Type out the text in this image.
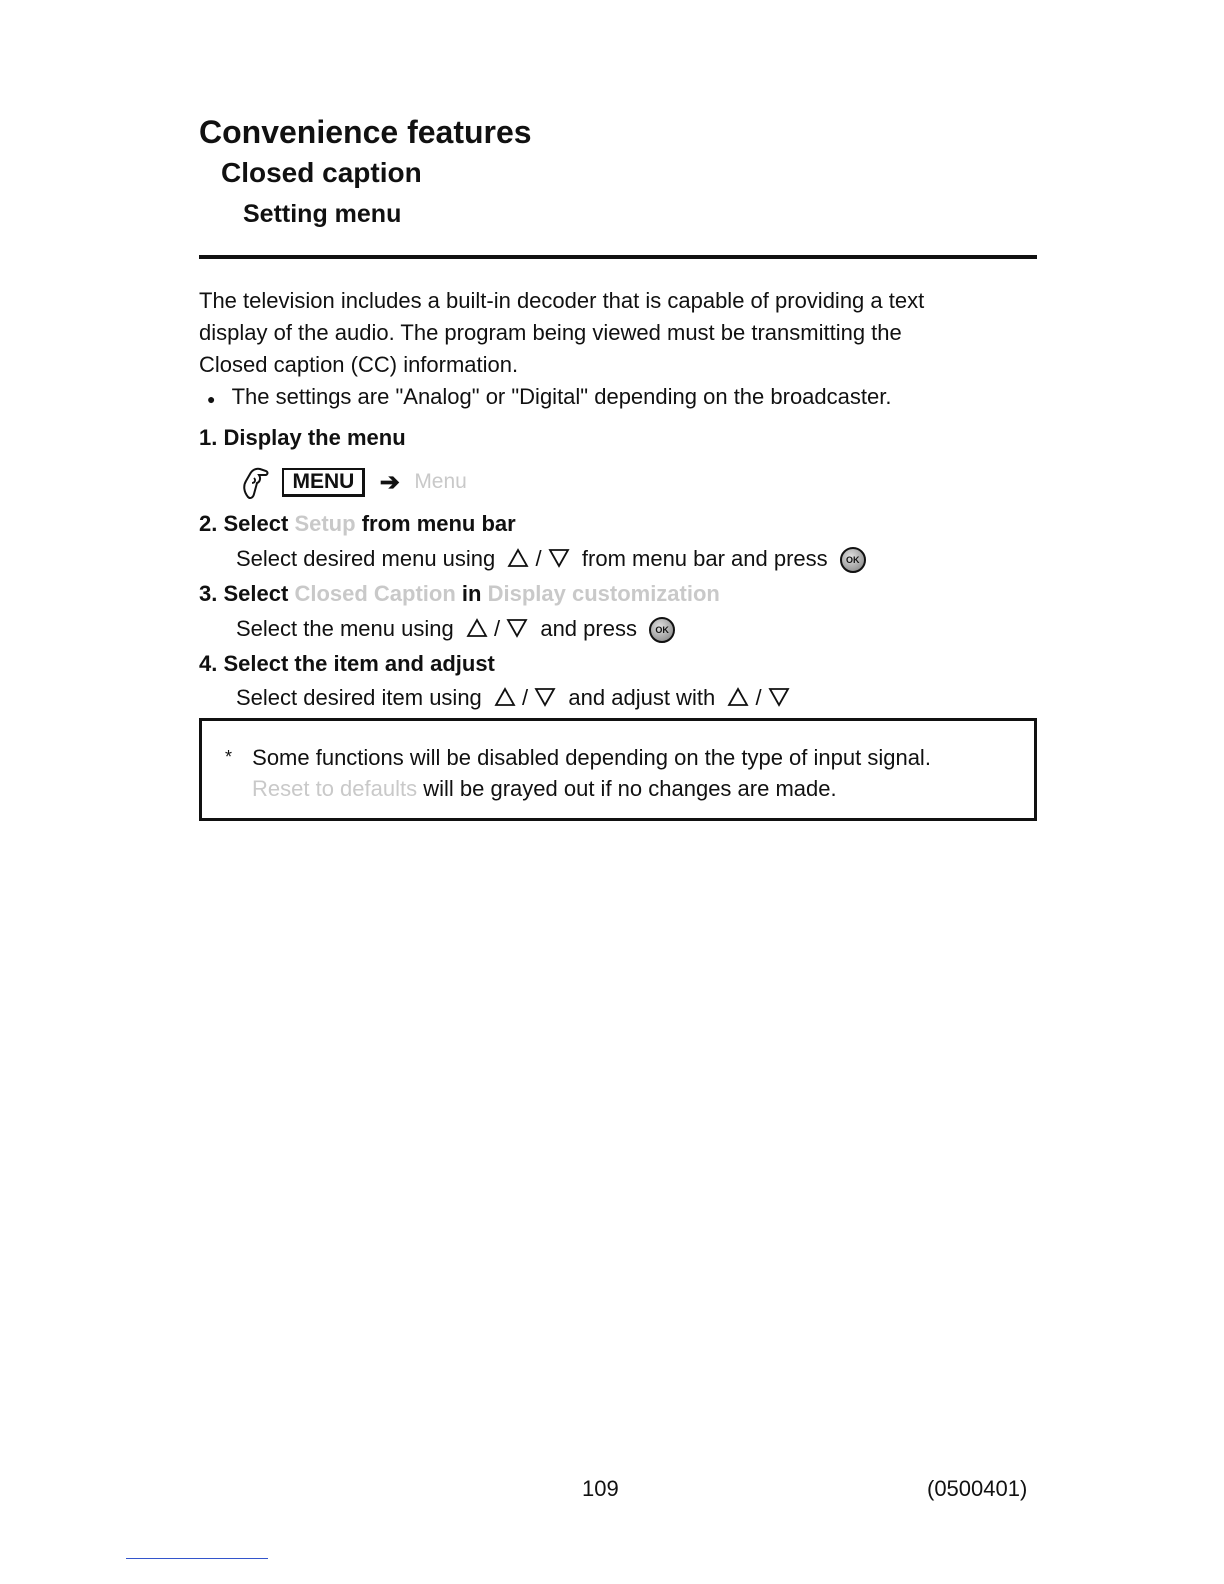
Convenience features
Closed caption
Setting menu
The television includes a built-in decoder that is capable of providing a text
display of the audio. The program being viewed must be transmitting the
Closed caption (CC) information.
● The settings are "Analog" or "Digital" depending on the broadcaster.
1. Display the menu
MENU ➔ Menu
2. Select Setup from menu bar
Select desired menu using / from menu bar and press OK
3. Select Closed Caption in Display customization
Select the menu using / and press OK
4. Select the item and adjust
Select desired item using / and adjust with /
* Some functions will be disabled depending on the type of input signal.
Reset to defaults will be grayed out if no changes are made.
109	(0500401)
